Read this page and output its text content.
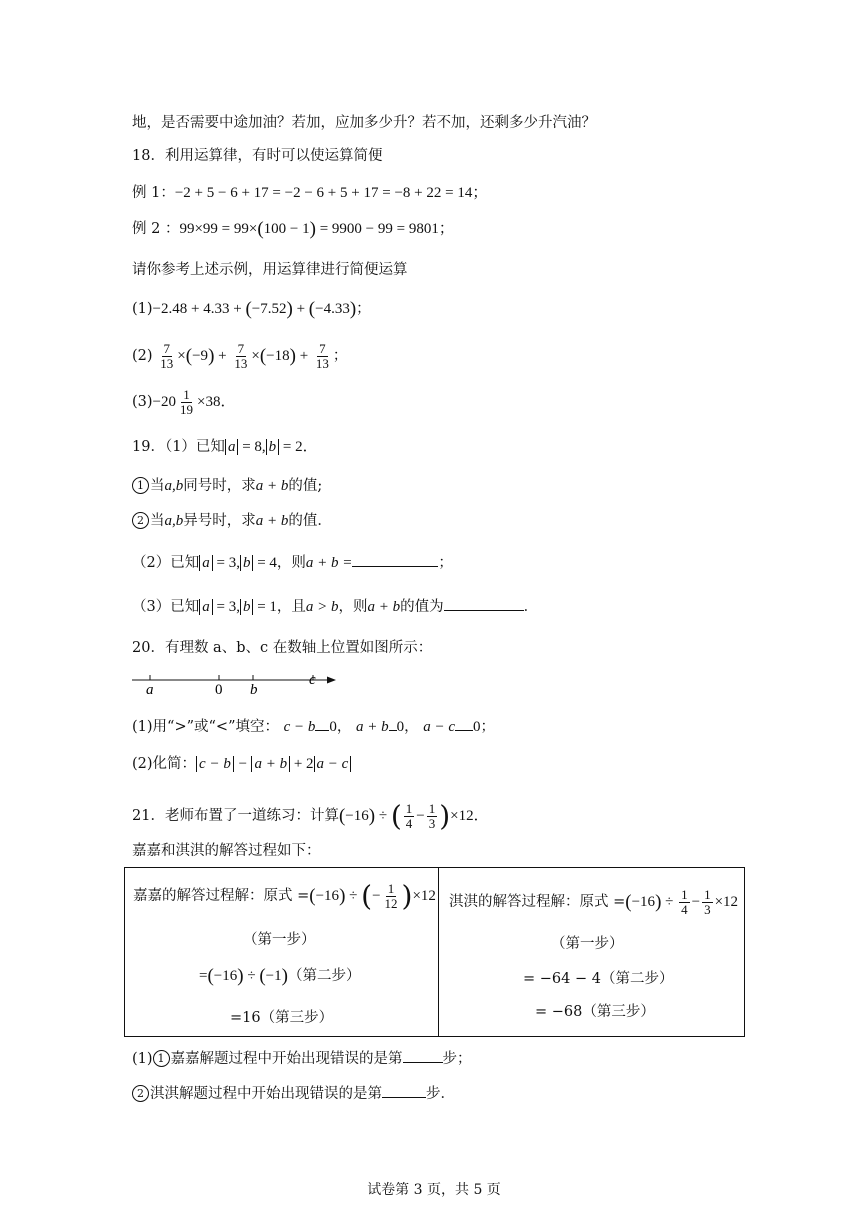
地，是否需要中途加油？若加，应加多少升？若不加，还剩多少升汽油？
18．利用运算律，有时可以使运算简便
例 1：−2 + 5 − 6 + 17 = −2 − 6 + 5 + 17 = −8 + 22 = 14；
例 2 ：99×99 = 99×(100 − 1) = 9900 − 99 = 9801；
请你参考上述示例，用运算律进行简便运算
(1)−2.48 + 4.33 + (−7.52) + (−4.33)；
$(2) \frac{7}{13} \times(-9) + \frac{7}{13} \times(-18) + \frac{7}{13}$ ；
$(3)-20 \frac{1}{19} \times 38$．
19．（1）已知 a = 8, b = 2．
1 当a,b同号时，求a + b的值;
2 当a,b异号时，求a + b的值．
（2）已知 a = 3, b = 4，则a + b =	；
（3）已知 a = 3, b = 1，且a > b，则a + b的值为	．
20．有理数 a、b、c 在数轴上位置如图所示：
a	0 b
c
(1)用“>”或“<”填空： c − b 0， a + b 0， a − c 0；
(2)化简： c − b − a + b + 2 a − c
21．老师布置了一道练习：计算(−16) ÷ ( $\frac{1}{4} - \frac{1}{3} )\times 12$．
嘉嘉和淇淇的解答过程如下：
嘉嘉的解答过程解：原式 =(−16) ÷ (− $\frac{1}{12} )\times 12$
（第一步）
=(−16) ÷ (−1)（第二步）
=16（第三步）
淇淇的解答过程解：原式 $=(-16) \div \frac{1}{4} - \frac{1}{3} \times 12$
（第一步）
= −64 − 4（第二步）
= −68（第三步）
(1) 1 嘉嘉解题过程中开始出现错误的是第	步；
2 淇淇解题过程中开始出现错误的是第	步．
试卷第 3 页，共 5 页
